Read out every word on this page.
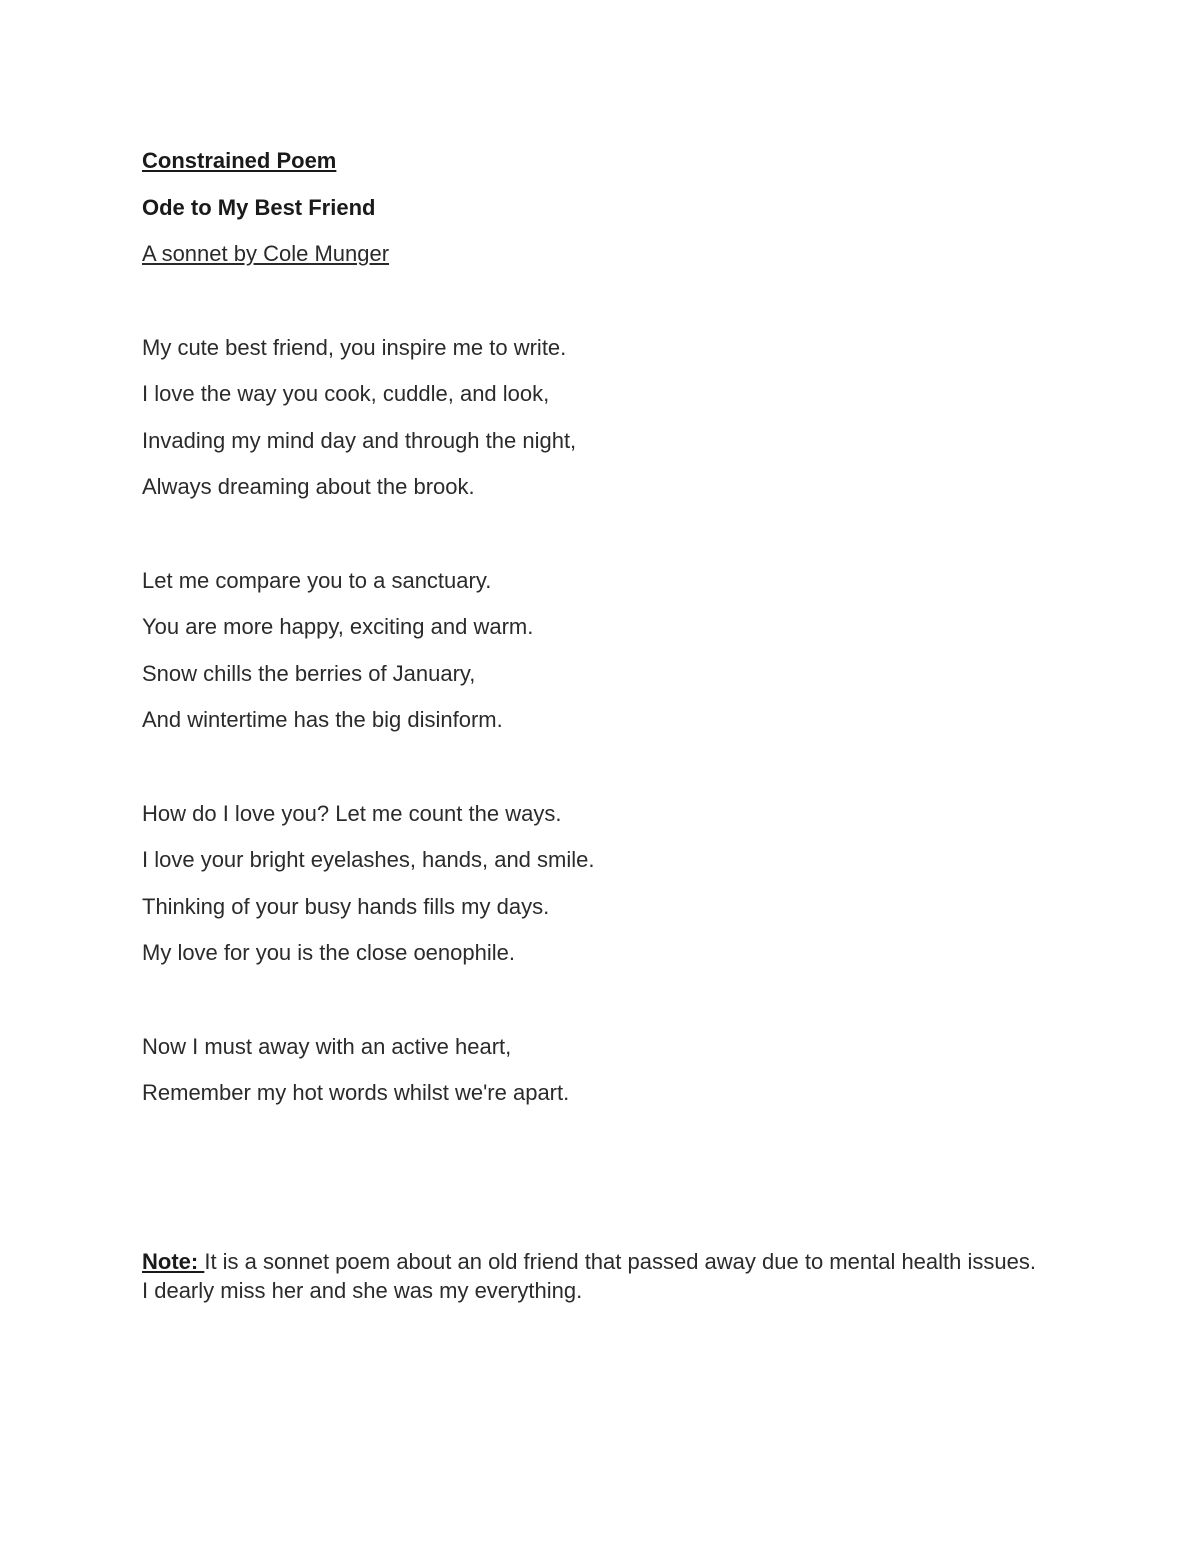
Constrained Poem
Ode to My Best Friend
A sonnet by Cole Munger
My cute best friend, you inspire me to write.
I love the way you cook, cuddle, and look,
Invading my mind day and through the night,
Always dreaming about the brook.
Let me compare you to a sanctuary.
You are more happy, exciting and warm.
Snow chills the berries of January,
And wintertime has the big disinform.
How do I love you? Let me count the ways.
I love your bright eyelashes, hands, and smile.
Thinking of your busy hands fills my days.
My love for you is the close oenophile.
Now I must away with an active heart,
Remember my hot words whilst we're apart.
Note: It is a sonnet poem about an old friend that passed away due to mental health issues. I dearly miss her and she was my everything.
